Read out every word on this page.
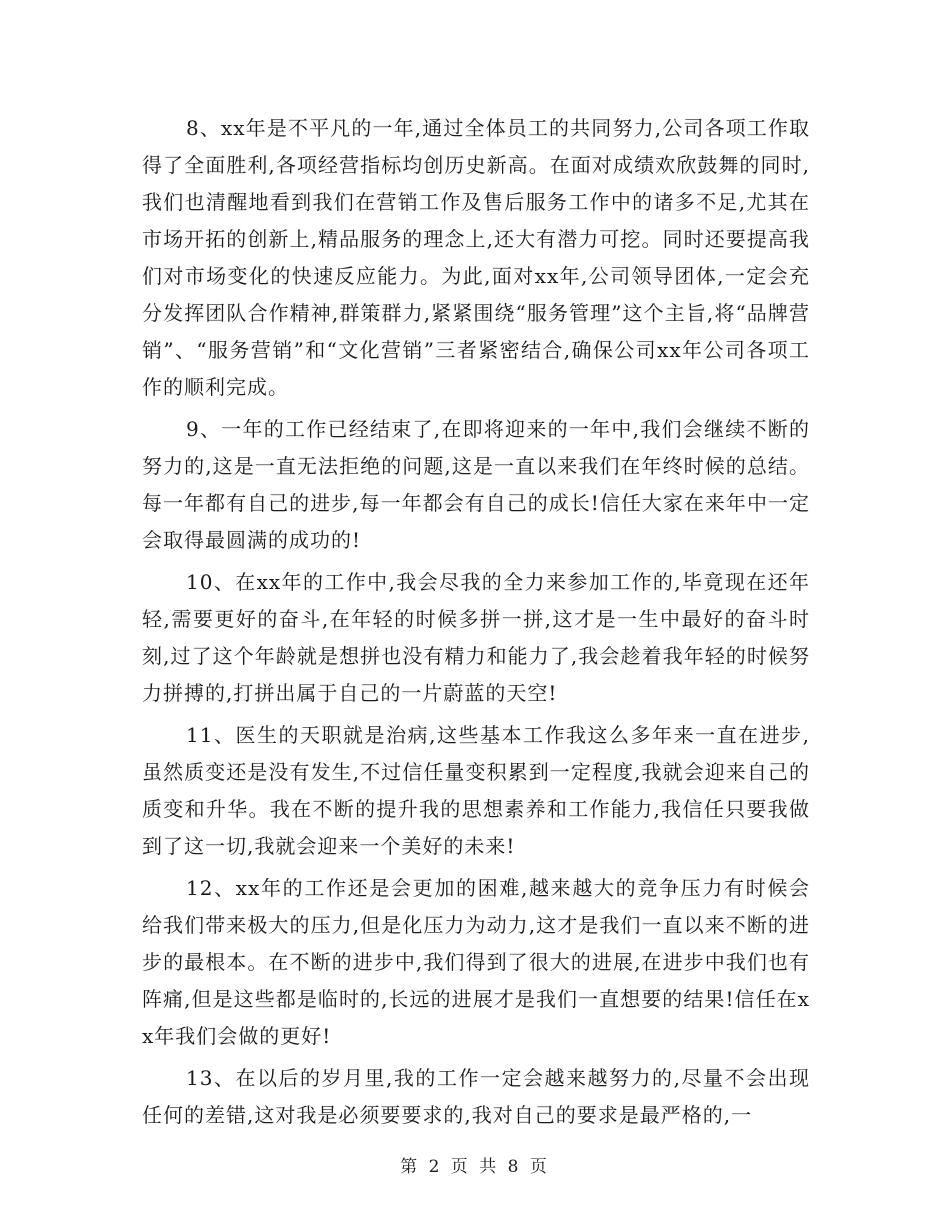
8、xx年是不平凡的一年,通过全体员工的共同努力,公司各项工作取得了全面胜利,各项经营指标均创历史新高。在面对成绩欢欣鼓舞的同时,我们也清醒地看到我们在营销工作及售后服务工作中的诸多不足,尤其在市场开拓的创新上,精品服务的理念上,还大有潜力可挖。同时还要提高我们对市场变化的快速反应能力。为此,面对xx年,公司领导团体,一定会充分发挥团队合作精神,群策群力,紧紧围绕“服务管理”这个主旨,将“品牌营销”、“服务营销”和“文化营销”三者紧密结合,确保公司xx年公司各项工作的顺利完成。

9、一年的工作已经结束了,在即将迎来的一年中,我们会继续不断的努力的,这是一直无法拒绝的问题,这是一直以来我们在年终时候的总结。每一年都有自己的进步,每一年都会有自己的成长!信任大家在来年中一定会取得最圆满的成功的!

10、在xx年的工作中,我会尽我的全力来参加工作的,毕竟现在还年轻,需要更好的奋斗,在年轻的时候多拼一拼,这才是一生中最好的奋斗时刻,过了这个年龄就是想拼也没有精力和能力了,我会趁着我年轻的时候努力拼搏的,打拼出属于自己的一片蔚蓝的天空!

11、医生的天职就是治病,这些基本工作我这么多年来一直在进步,虽然质变还是没有发生,不过信任量变积累到一定程度,我就会迎来自己的质变和升华。我在不断的提升我的思想素养和工作能力,我信任只要我做到了这一切,我就会迎来一个美好的未来!

12、xx年的工作还是会更加的困难,越来越大的竞争压力有时候会给我们带来极大的压力,但是化压力为动力,这才是我们一直以来不断的进步的最根本。在不断的进步中,我们得到了很大的进展,在进步中我们也有阵痛,但是这些都是临时的,长远的进展才是我们一直想要的结果!信任在xx年我们会做的更好!

13、在以后的岁月里,我的工作一定会越来越努力的,尽量不会出现任何的差错,这对我是必须要要求的,我对自己的要求是最严格的,一

第 2 页 共 8 页
